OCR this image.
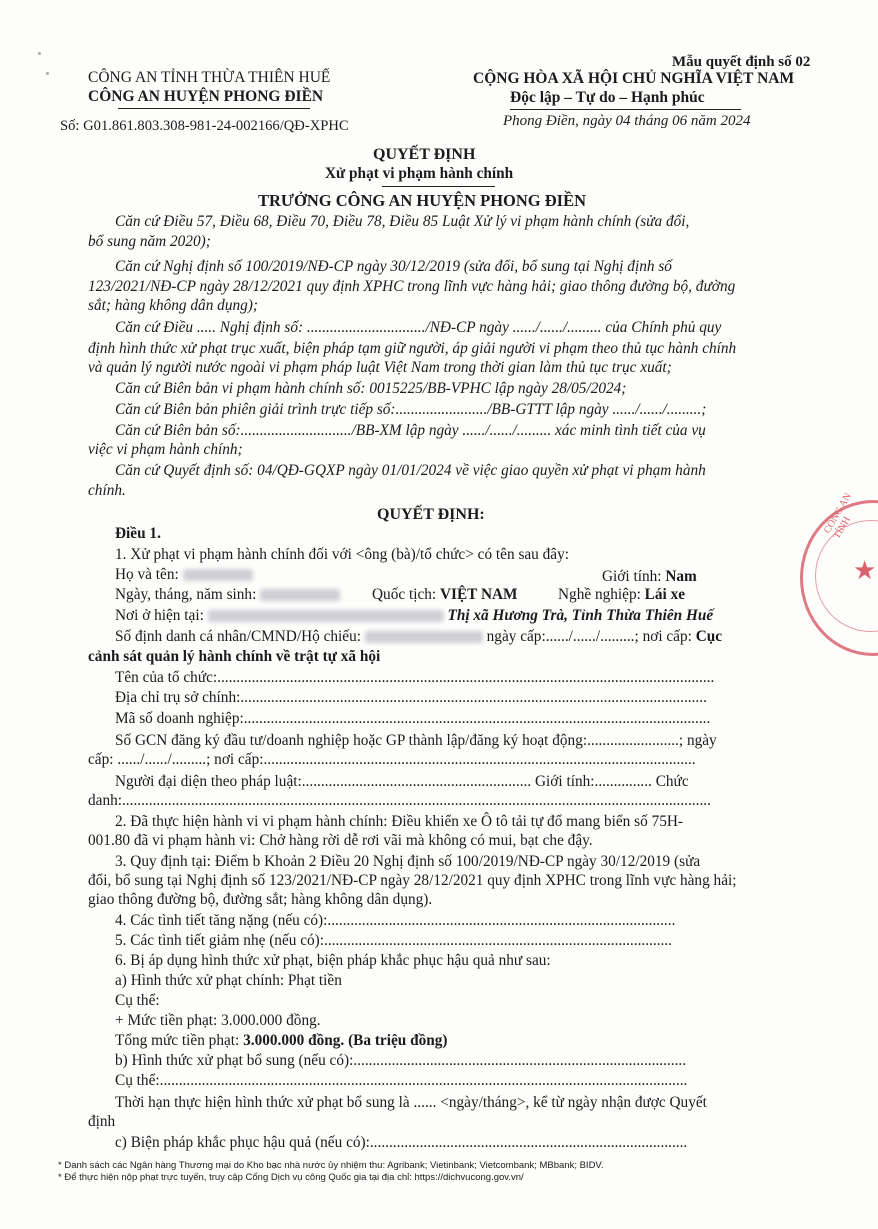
Mẫu quyết định số 02
CÔNG AN TỈNH THỪA THIÊN HUẾ
CÔNG AN HUYỆN PHONG ĐIỀN
Số: G01.861.803.308-981-24-002166/QĐ-XPHC
CỘNG HÒA XÃ HỘI CHỦ NGHĨA VIỆT NAM
Độc lập – Tự do – Hạnh phúc
Phong Điền, ngày 04 tháng 06 năm 2024
QUYẾT ĐỊNH
Xử phạt vi phạm hành chính
TRƯỞNG CÔNG AN HUYỆN PHONG ĐIỀN
Căn cứ Điều 57, Điều 68, Điều 70, Điều 78, Điều 85 Luật Xử lý vi phạm hành chính (sửa đổi,
bổ sung năm 2020);
Căn cứ Nghị định số 100/2019/NĐ-CP ngày 30/12/2019 (sửa đổi, bổ sung tại Nghị định số
123/2021/NĐ-CP ngày 28/12/2021 quy định XPHC trong lĩnh vực hàng hải; giao thông đường bộ, đường
sắt; hàng không dân dụng);
Căn cứ Điều ..... Nghị định số: .............................../NĐ-CP ngày ....../....../......... của Chính phủ quy
định hình thức xử phạt trục xuất, biện pháp tạm giữ người, áp giải người vi phạm theo thủ tục hành chính
và quản lý người nước ngoài vi phạm pháp luật Việt Nam trong thời gian làm thủ tục trục xuất;
Căn cứ Biên bản vi phạm hành chính số: 0015225/BB-VPHC lập ngày 28/05/2024;
Căn cứ Biên bản phiên giải trình trực tiếp số:......................../BB-GTTT lập ngày ....../....../.........;
Căn cứ Biên bản số:............................./BB-XM lập ngày ....../....../......... xác minh tình tiết của vụ
việc vi phạm hành chính;
Căn cứ Quyết định số: 04/QĐ-GQXP ngày 01/01/2024 về việc giao quyền xử phạt vi phạm hành
chính.
QUYẾT ĐỊNH:
Điều 1.
1. Xử phạt vi phạm hành chính đối với <ông (bà)/tổ chức> có tên sau đây:
Họ và tên:	Giới tính: Nam
Ngày, tháng, năm sinh:	Quốc tịch: VIỆT NAM	Nghề nghiệp: Lái xe
Nơi ở hiện tại:	Thị xã Hương Trà, Tỉnh Thừa Thiên Huế
Số định danh cá nhân/CMND/Hộ chiếu:	ngày cấp:....../....../.........; nơi cấp: Cục
cảnh sát quản lý hành chính về trật tự xã hội
Tên của tổ chức:..................................................................................................................................
Địa chỉ trụ sở chính:..........................................................................................................................
Mã số doanh nghiệp:..........................................................................................................................
Số GCN đăng ký đầu tư/doanh nghiệp hoặc GP thành lập/đăng ký hoạt động:........................; ngày
cấp: ....../....../.........; nơi cấp:.................................................................................................................
Người đại diện theo pháp luật:............................................................ Giới tính:............... Chức
danh:..........................................................................................................................................................
2. Đã thực hiện hành vi vi phạm hành chính: Điều khiển xe Ô tô tải tự đổ mang biển số 75H-
001.80 đã vi phạm hành vi: Chở hàng rời dễ rơi vãi mà không có mui, bạt che đậy.
3. Quy định tại: Điểm b Khoản 2 Điều 20 Nghị định số 100/2019/NĐ-CP ngày 30/12/2019 (sửa
đổi, bổ sung tại Nghị định số 123/2021/NĐ-CP ngày 28/12/2021 quy định XPHC trong lĩnh vực hàng hải;
giao thông đường bộ, đường sắt; hàng không dân dụng).
4. Các tình tiết tăng nặng (nếu có):...........................................................................................
5. Các tình tiết giảm nhẹ (nếu có):...........................................................................................
6. Bị áp dụng hình thức xử phạt, biện pháp khắc phục hậu quả như sau:
a) Hình thức xử phạt chính: Phạt tiền
Cụ thể:
+ Mức tiền phạt: 3.000.000 đồng.
Tổng mức tiền phạt: 3.000.000 đồng. (Ba triệu đồng)
b) Hình thức xử phạt bổ sung (nếu có):.......................................................................................
Cụ thể:..........................................................................................................................................
Thời hạn thực hiện hình thức xử phạt bổ sung là ...... <ngày/tháng>, kể từ ngày nhận được Quyết
định
c) Biện pháp khắc phục hậu quả (nếu có):...................................................................................
* Danh sách các Ngân hàng Thương mại do Kho bạc nhà nước ủy nhiệm thu: Agribank; Vietinbank; Vietcombank; MBbank; BIDV.
* Để thực hiện nộp phạt trực tuyến, truy cập Cổng Dịch vụ công Quốc gia tại địa chỉ: https://dichvucong.gov.vn/
★
CÔNG AN TỈNH
